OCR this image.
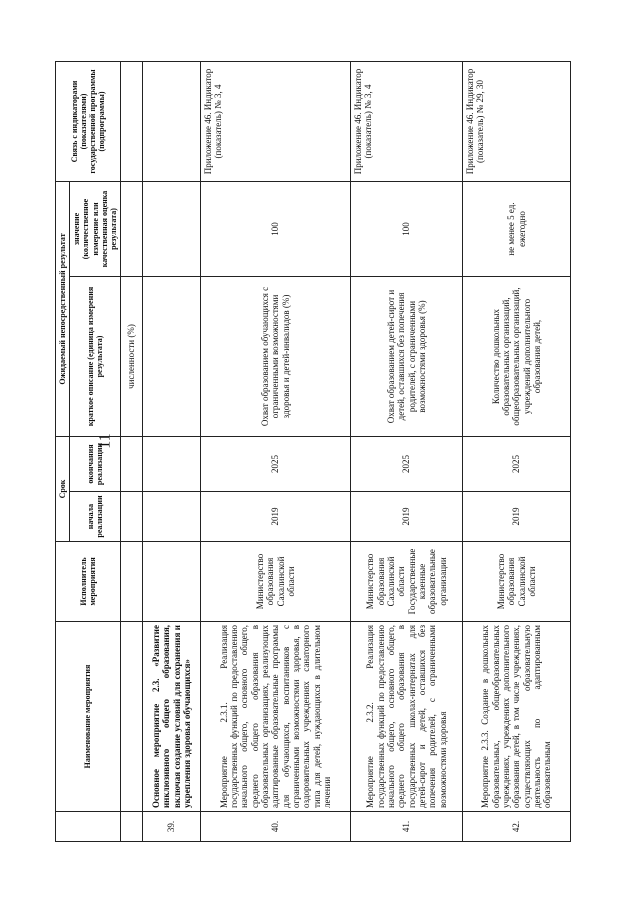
11
	Наименование мероприятия	Исполнитель мероприятия	Срок		Ожидаемый непосредственный результат		Связь с индикаторами (показателями) государственной программы (подпрограммы)
			начала реализации	окончания реализации	краткое описание (единица измерения результата)	значение (количественное измерение или качественная оценка результата)	
					численности (%)		
39.	Основное мероприятие 2.3. «Развитие инклюзивного общего образования, включая создание условий для сохранения и укрепления здоровья обучающихся»						
40.	Мероприятие 2.3.1. Реализация государственных функций по предоставлению начального общего, основного общего, среднего общего образования в образовательных организациях, реализующих адаптированные образовательные программы для обучающихся, воспитанников с ограниченными возможностями здоровья, в оздоровительных учреждениях санаторного типа для детей, нуждающихся в длительном лечении	Министерство образования Сахалинской области	2019	2025	Охват образованием обучающихся с ограниченными возможностями здоровья и детей-инвалидов (%)	100	Приложение 46. Индикатор (показатель) № 3, 4
41.	Мероприятие 2.3.2. Реализация государственных функций по предоставлению начального общего, основного общего, среднего общего образования в государственных школах-интернатах для детей-сирот и детей, оставшихся без попечения родителей, с ограниченными возможностями здоровья	Министерство образования Сахалинской области Государственные казенные образовательные организации	2019	2025	Охват образованием детей-сирот и детей, оставшихся без попечения родителей, с ограниченными возможностями здоровья (%)	100	Приложение 46. Индикатор (показатель) № 3, 4
42.	Мероприятие 2.3.3. Создание в дошкольных образовательных, общеобразовательных учреждениях, учреждениях дополнительного образования детей, в том числе учреждениях, осуществляющих образовательную деятельность по адаптированным образовательным	Министерство образования Сахалинской области	2019	2025	Количество дошкольных образовательных организаций, общеобразовательных организаций, учреждений дополнительного образования детей,	не менее 5 ед. ежегодно	Приложение 46. Индикатор (показатель) № 29, 30
